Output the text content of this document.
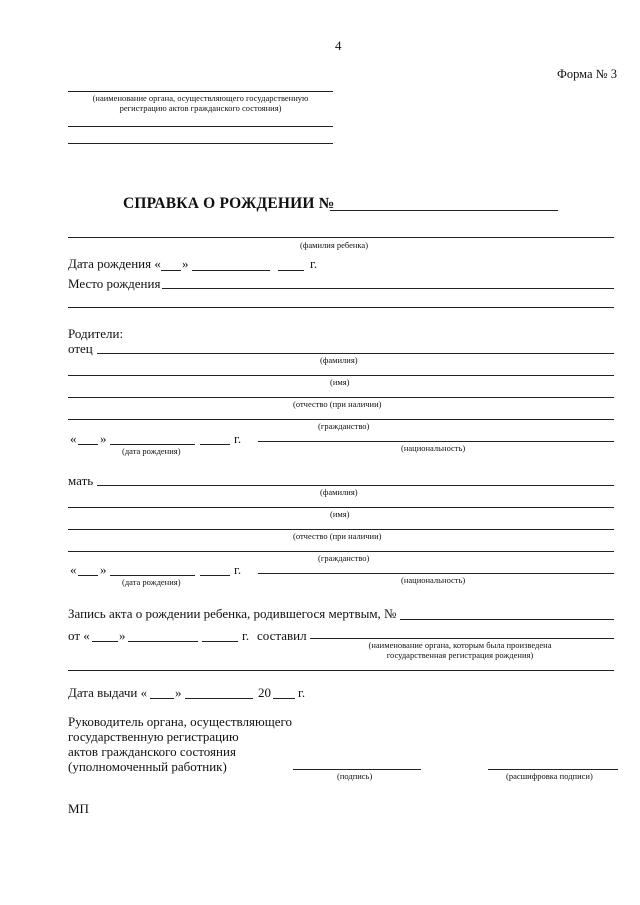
4
Форма № 3
(наименование органа, осуществляющего государственную
регистрацию актов гражданского состояния)
СПРАВКА О РОЖДЕНИИ №
(фамилия ребенка)
Дата рождения « »	г.
Место рождения
Родители:
отец
(фамилия)
(имя)
(отчество (при наличии)
(гражданство)
« »	г.
(дата рождения)	(национальность)
мать
(фамилия)
(имя)
(отчество (при наличии)
(гражданство)
« »	г.
(дата рождения)	(национальность)
Запись акта о рождении ребенка, родившегося мертвым, №
от « »	г. составил
(наименование органа, которым была произведена
государственная регистрация рождения)
Дата выдачи « »	20 г.
Руководитель органа, осуществляющего
государственную регистрацию
актов гражданского состояния
(уполномоченный работник)
(подпись)	(расшифровка подписи)
МП
